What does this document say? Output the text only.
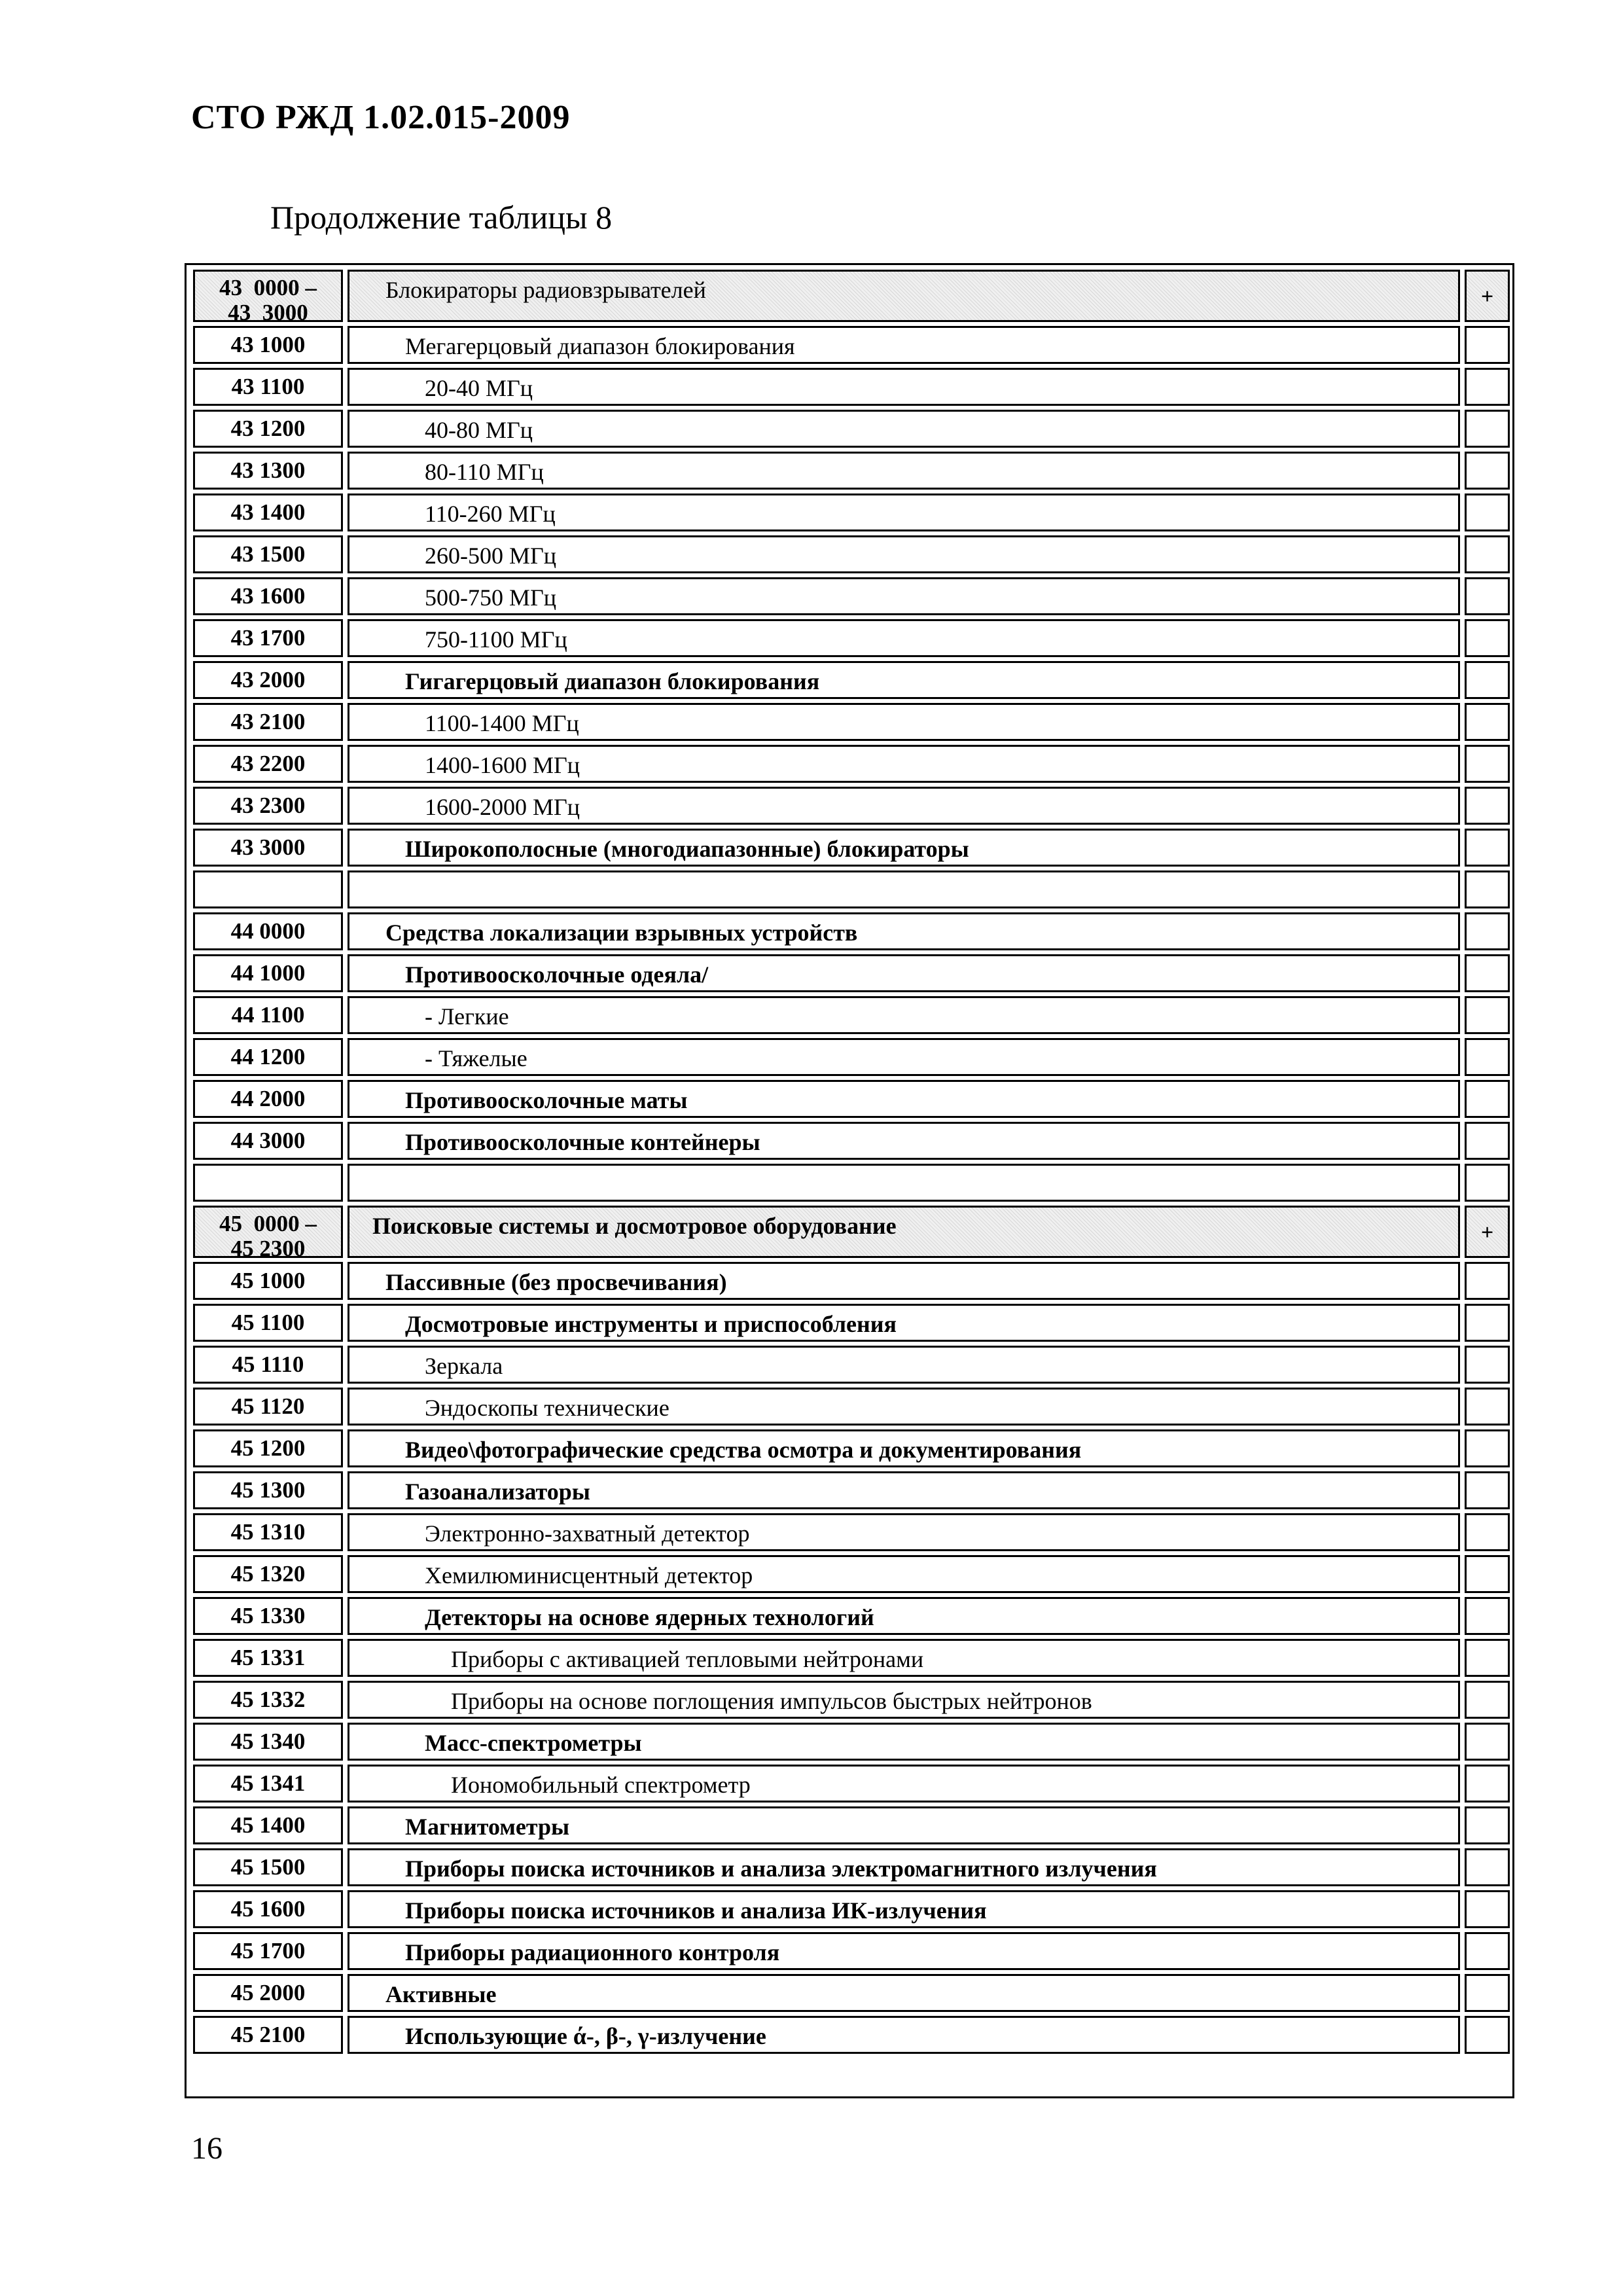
СТО РЖД 1.02.015-2009
Продолжение таблицы 8
43  0000 –
43  3000
Блокираторы радиовзрывателей	+
43 1000	Мегагерцовый диапазон блокирования
43 1100	20-40 МГц
43 1200	40-80 МГц
43 1300	80-110 МГц
43 1400	110-260 МГц
43 1500	260-500 МГц
43 1600	500-750 МГц
43 1700	750-1100 МГц
43 2000	Гигагерцовый диапазон блокирования
43 2100	1100-1400 МГц
43 2200	1400-1600 МГц
43 2300	1600-2000 МГц
43 3000	Широкополосные (многодиапазонные) блокираторы
44 0000	Средства локализации взрывных устройств
44 1000	Противоосколочные одеяла/
44 1100	- Легкие
44 1200	- Тяжелые
44 2000	Противоосколочные маты
44 3000	Противоосколочные контейнеры
45  0000 –
45 2300
Поисковые системы и досмотровое оборудование	+
45 1000	Пассивные (без просвечивания)
45 1100	Досмотровые инструменты и приспособления
45 1110	Зеркала
45 1120	Эндоскопы технические
45 1200	Видео\фотографические средства осмотра и документирования
45 1300	Газоанализаторы
45 1310	Электронно-захватный детектор
45 1320	Хемилюминисцентный детектор
45 1330	Детекторы на основе ядерных технологий
45 1331	Приборы с активацией тепловыми нейтронами
45 1332	Приборы на основе поглощения импульсов быстрых нейтронов
45 1340	Масс-спектрометры
45 1341	Иономобильный спектрометр
45 1400	Магнитометры
45 1500	Приборы поиска источников и анализа электромагнитного излучения
45 1600	Приборы поиска источников и анализа ИК-излучения
45 1700	Приборы радиационного контроля
45 2000	Активные
45 2100	Использующие ά-, β-, γ-излучение
16
